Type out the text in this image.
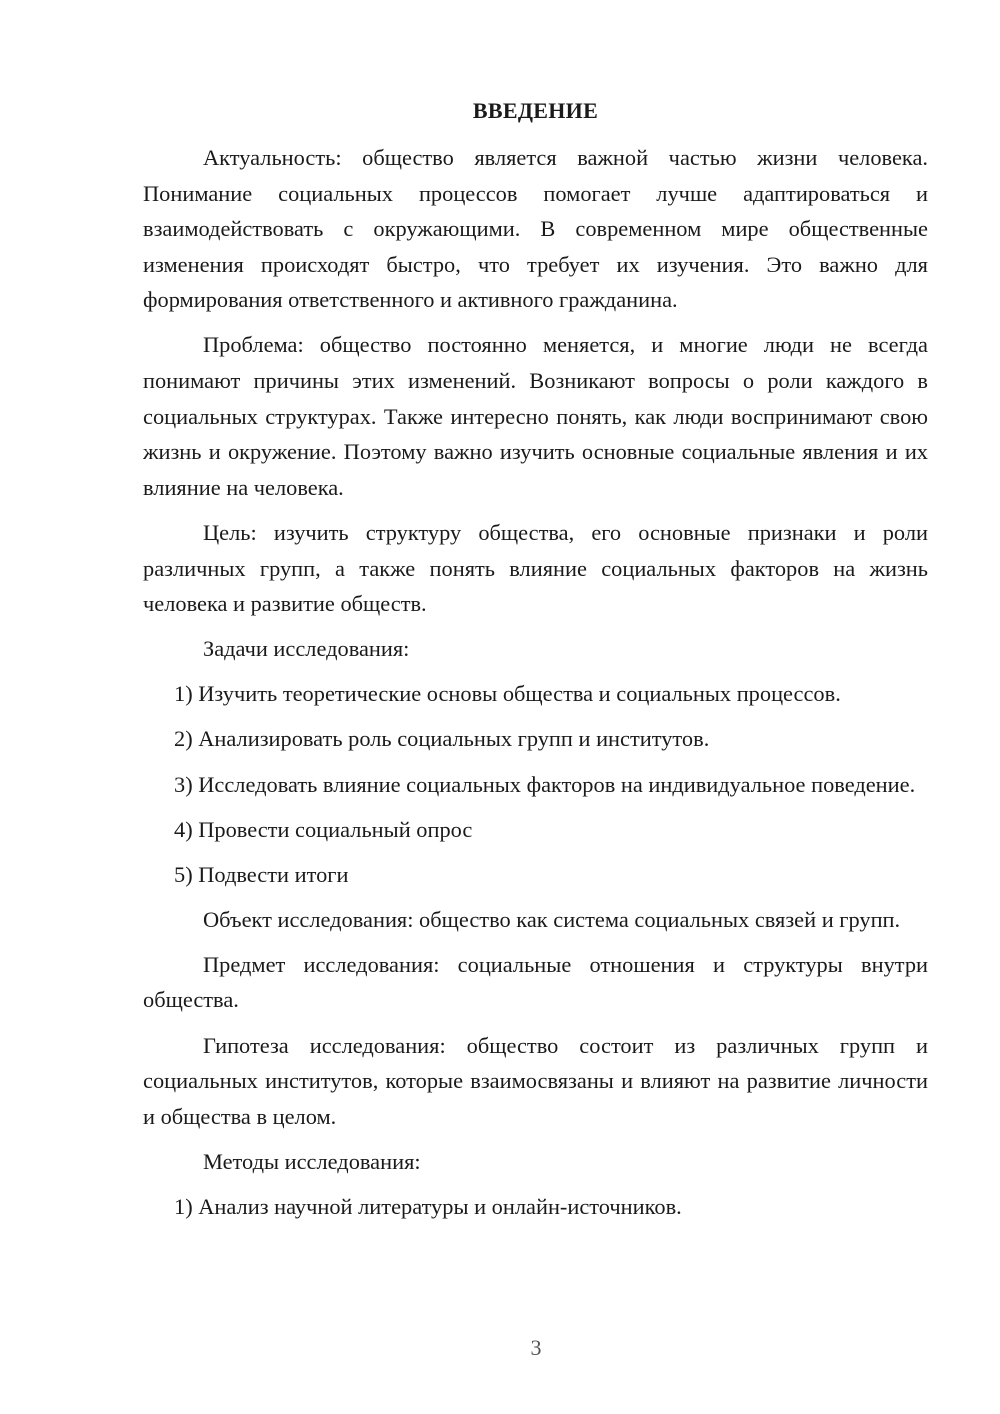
ВВЕДЕНИЕ

Актуальность: общество является важной частью жизни человека. Понимание социальных процессов помогает лучше адаптироваться и взаимодействовать с окружающими. В современном мире общественные изменения происходят быстро, что требует их изучения. Это важно для формирования ответственного и активного гражданина.

Проблема: общество постоянно меняется, и многие люди не всегда понимают причины этих изменений. Возникают вопросы о роли каждого в социальных структурах. Также интересно понять, как люди воспринимают свою жизнь и окружение. Поэтому важно изучить основные социальные явления и их влияние на человека.

Цель: изучить структуру общества, его основные признаки и роли различных групп, а также понять влияние социальных факторов на жизнь человека и развитие обществ.

Задачи исследования:

1) Изучить теоретические основы общества и социальных процессов.

2) Анализировать роль социальных групп и институтов.

3) Исследовать влияние социальных факторов на индивидуальное поведение.

4) Провести социальный опрос

5) Подвести итоги

Объект исследования: общество как система социальных связей и групп.

Предмет исследования: социальные отношения и структуры внутри общества.

Гипотеза исследования: общество состоит из различных групп и социальных институтов, которые взаимосвязаны и влияют на развитие личности и общества в целом.

Методы исследования:

1) Анализ научной литературы и онлайн-источников.

3
